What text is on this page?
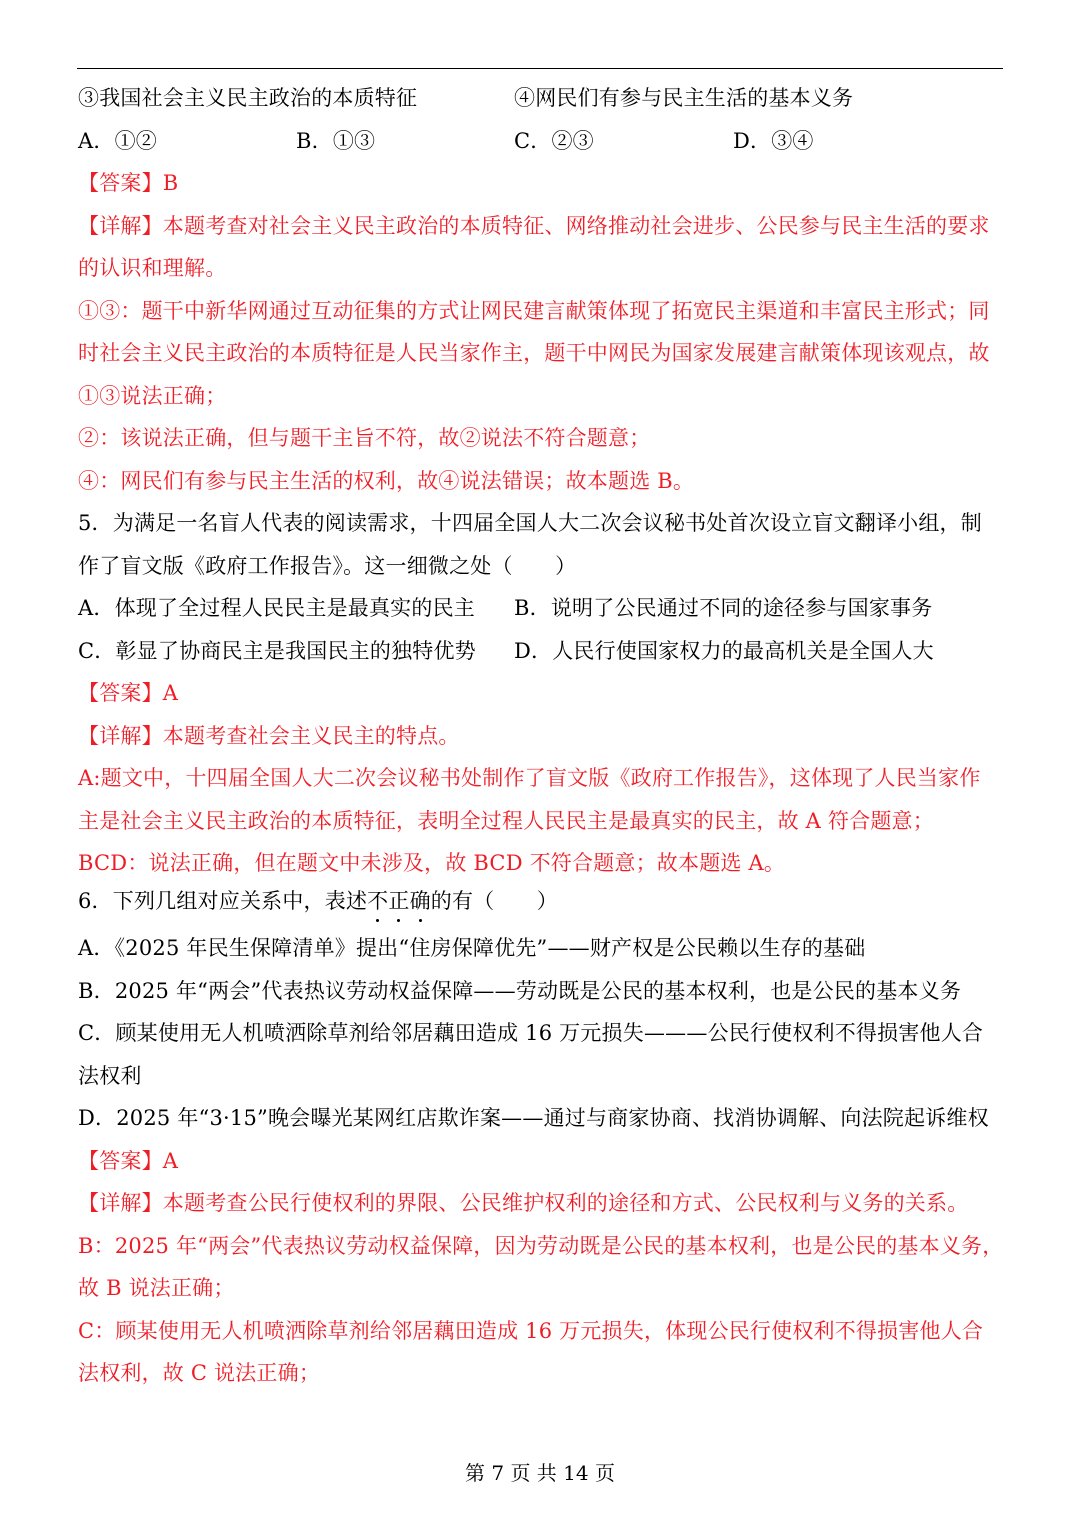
③我国社会主义民主政治的本质特征	④网民们有参与民主生活的基本义务
A．①②	B．①③	C．②③	D．③④
【答案】B
【详解】本题考查对社会主义民主政治的本质特征、网络推动社会进步、公民参与民主生活的要求
的认识和理解。
①③：题干中新华网通过互动征集的方式让网民建言献策体现了拓宽民主渠道和丰富民主形式；同
时社会主义民主政治的本质特征是人民当家作主，题干中网民为国家发展建言献策体现该观点，故
①③说法正确；
②：该说法正确，但与题干主旨不符，故②说法不符合题意；
④：网民们有参与民主生活的权利，故④说法错误；故本题选 B。
5．为满足一名盲人代表的阅读需求，十四届全国人大二次会议秘书处首次设立盲文翻译小组，制
作了盲文版《政府工作报告》。这一细微之处（　　）
A．体现了全过程人民民主是最真实的民主 B．说明了公民通过不同的途径参与国家事务
C．彰显了协商民主是我国民主的独特优势 D．人民行使国家权力的最高机关是全国人大
【答案】A
【详解】本题考查社会主义民主的特点。
A:题文中，十四届全国人大二次会议秘书处制作了盲文版《政府工作报告》，这体现了人民当家作
主是社会主义民主政治的本质特征，表明全过程人民民主是最真实的民主，故 A 符合题意；
BCD：说法正确，但在题文中未涉及，故 BCD 不符合题意；故本题选 A。
6．下列几组对应关系中，表述不正确的有（　　）
A．《2025 年民生保障清单》提出“住房保障优先”——财产权是公民赖以生存的基础
B．2025 年“两会”代表热议劳动权益保障——劳动既是公民的基本权利，也是公民的基本义务
C．顾某使用无人机喷洒除草剂给邻居藕田造成 16 万元损失———公民行使权利不得损害他人合
法权利
D．2025 年“3·15”晚会曝光某网红店欺诈案——通过与商家协商、找消协调解、向法院起诉维权
【答案】A
【详解】本题考查公民行使权利的界限、公民维护权利的途径和方式、公民权利与义务的关系。
B：2025 年“两会”代表热议劳动权益保障，因为劳动既是公民的基本权利，也是公民的基本义务，
故 B 说法正确；
C：顾某使用无人机喷洒除草剂给邻居藕田造成 16 万元损失，体现公民行使权利不得损害他人合
法权利，故 C 说法正确；
第 7 页 共 14 页
